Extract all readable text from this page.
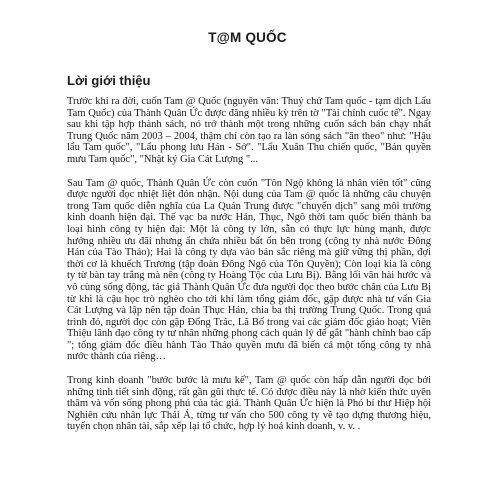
T@M QUỐC
Lời giới thiệu

Trước khi ra đời, cuốn Tam @ Quốc (nguyên văn: Thuý chử Tam quốc - tạm dịch Lẩu Tam Quốc) của Thành Quân Ức được đăng nhiều kỳ trên tờ "Tài chính cuốc tế". Ngay sau khi tập hợp thành sách, nó trở thành một trong những cuốn sách bán chạy nhất Trung Quốc năm 2003 – 2004, thậm chí còn tạo ra làn sóng sách "ăn theo" như: "Hậu lẩu Tam quốc", "Lẩu phong lưu Hán - Sở". "Lẩu Xuân Thu chiến quốc, "Bản quyền mưu Tam quốc", "Nhật ký Gia Cát Lượng "...

Sau Tam @ quốc, Thành Quân Ức còn cuốn "Tôn Ngộ không là nhân viên tốt" cũng được người đọc nhiệt liệt đón nhận. Nội dung của Tam @ quốc là những câu chuyện trong Tam quốc diễn nghĩa của La Quán Trung được "chuyển dịch" sang môi trường kinh doanh hiện đại. Thế vạc ba nước Hán, Thục, Ngô thời tam quốc biến thành ba loại hình công ty hiện đại: Một là công ty lớn, sẵn có thực lực hùng mạnh, được hưởng nhiều ưu đãi nhưng ẩn chứa nhiều bất ổn bên trong (công ty nhà nước Đông Hán của Tào Tháo); Hai là công ty dựa vào bản sắc riêng mà giữ vững thị phần, đợi thời cơ là khuếch Trương (tập đoàn Đông Ngô của Tôn Quyền); Còn loại kia là công ty từ bàn tay trắng mà nên (công ty Hoàng Tộc của Lưu Bị). Bằng lối văn hài hước và vô cùng sống động, tác giả Thành Quân Ức đưa người đọc theo bước chân của Lưu Bị từ khi là cậu học trò nghèo cho tới khi làm tổng giám đốc, gặp được nhà tư vấn Gia Cát Lượng và lập nên tập đoàn Thục Hán, chia ba thị trường Trung Quốc. Trong quá trình đó, người đọc còn gặp Đổng Trác, Lã Bố trong vai các giám đốc giáo hoạt; Viên Thiệu lãnh đạo công ty tư nhân những phong cách quản lý để gắt "hành chính bao cấp "; tổng giám đốc điều hành Tào Tháo quyền mưu đã biến cả một tổng công ty nhà nước thành của riêng…

Trong kinh doanh "bước bước là mưu kế", Tam @ quốc còn hấp dẫn người đọc bởi những tình tiết sinh động, rất gần gũi thực tế. Có được điều này là nhờ kiến thức uyên thâm và vốn sống phong phú của tác giả. Thành Quân Ức hiện là Phó bí thư Hiệp hội Nghiên cứu nhân lực Thái Á, từng tư vấn cho 500 công ty về tạo dựng thương hiệu, tuyển chọn nhân tài, sắp xếp lại tổ chức, hợp lý hoá kinh doanh, v. v. .
